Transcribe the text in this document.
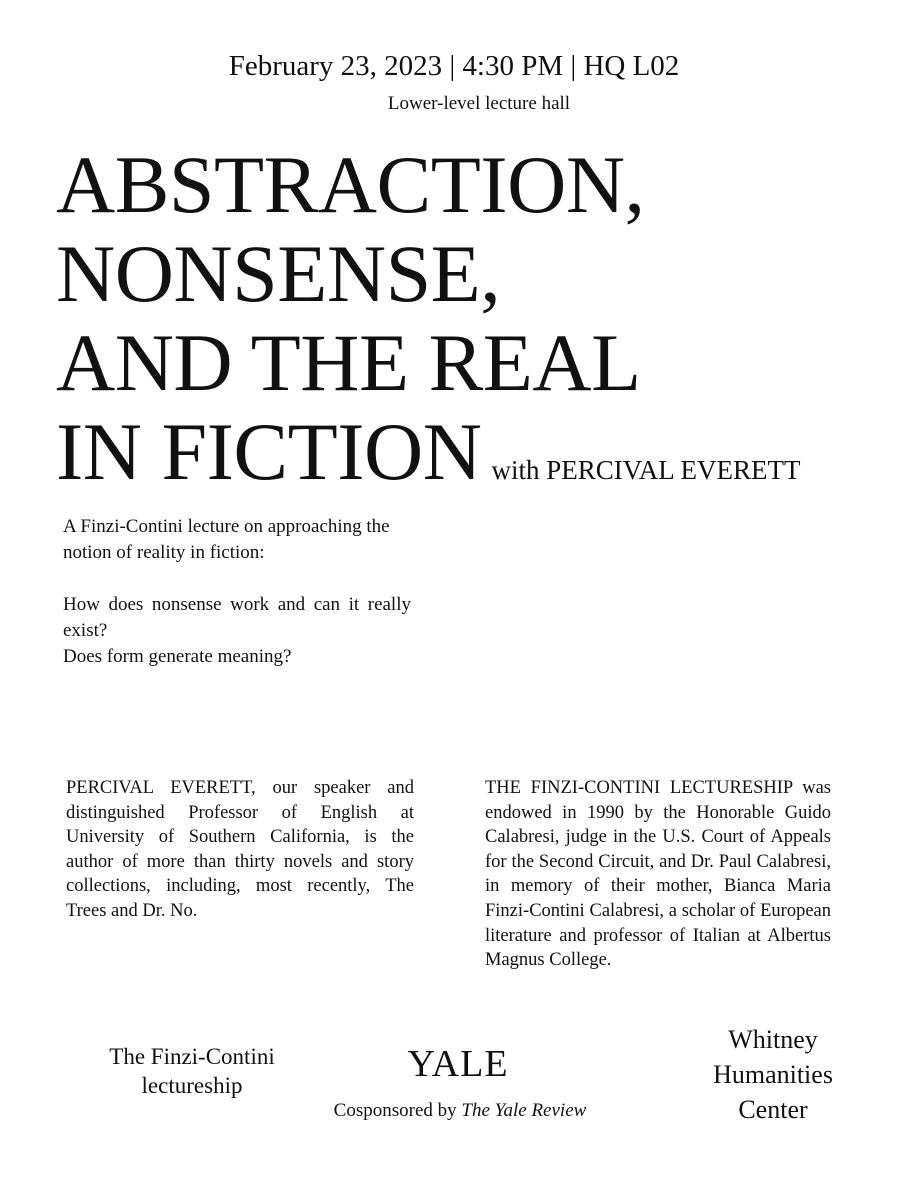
February 23, 2023 | 4:30 PM | HQ L02
Lower-level lecture hall
ABSTRACTION,
NONSENSE,
AND THE REAL
IN FICTION with PERCIVAL EVERETT

A Finzi-Contini lecture on approaching the notion of reality in fiction:

How does nonsense work and can it really exist?

Does form generate meaning?

PERCIVAL EVERETT, our speaker and distinguished Professor of English at University of Southern California, is the author of more than thirty novels and story collections, including, most recently, The Trees and Dr. No.
THE FINZI-CONTINI LECTURESHIP was endowed in 1990 by the Honorable Guido Calabresi, judge in the U.S. Court of Appeals for the Second Circuit, and Dr. Paul Calabresi, in memory of their mother, Bianca Maria Finzi-Contini Calabresi, a scholar of European literature and professor of Italian at Albertus Magnus College.
The Finzi-Contini
lectureship
YALE
Cosponsored by The Yale Review
Whitney
Humanities
Center
